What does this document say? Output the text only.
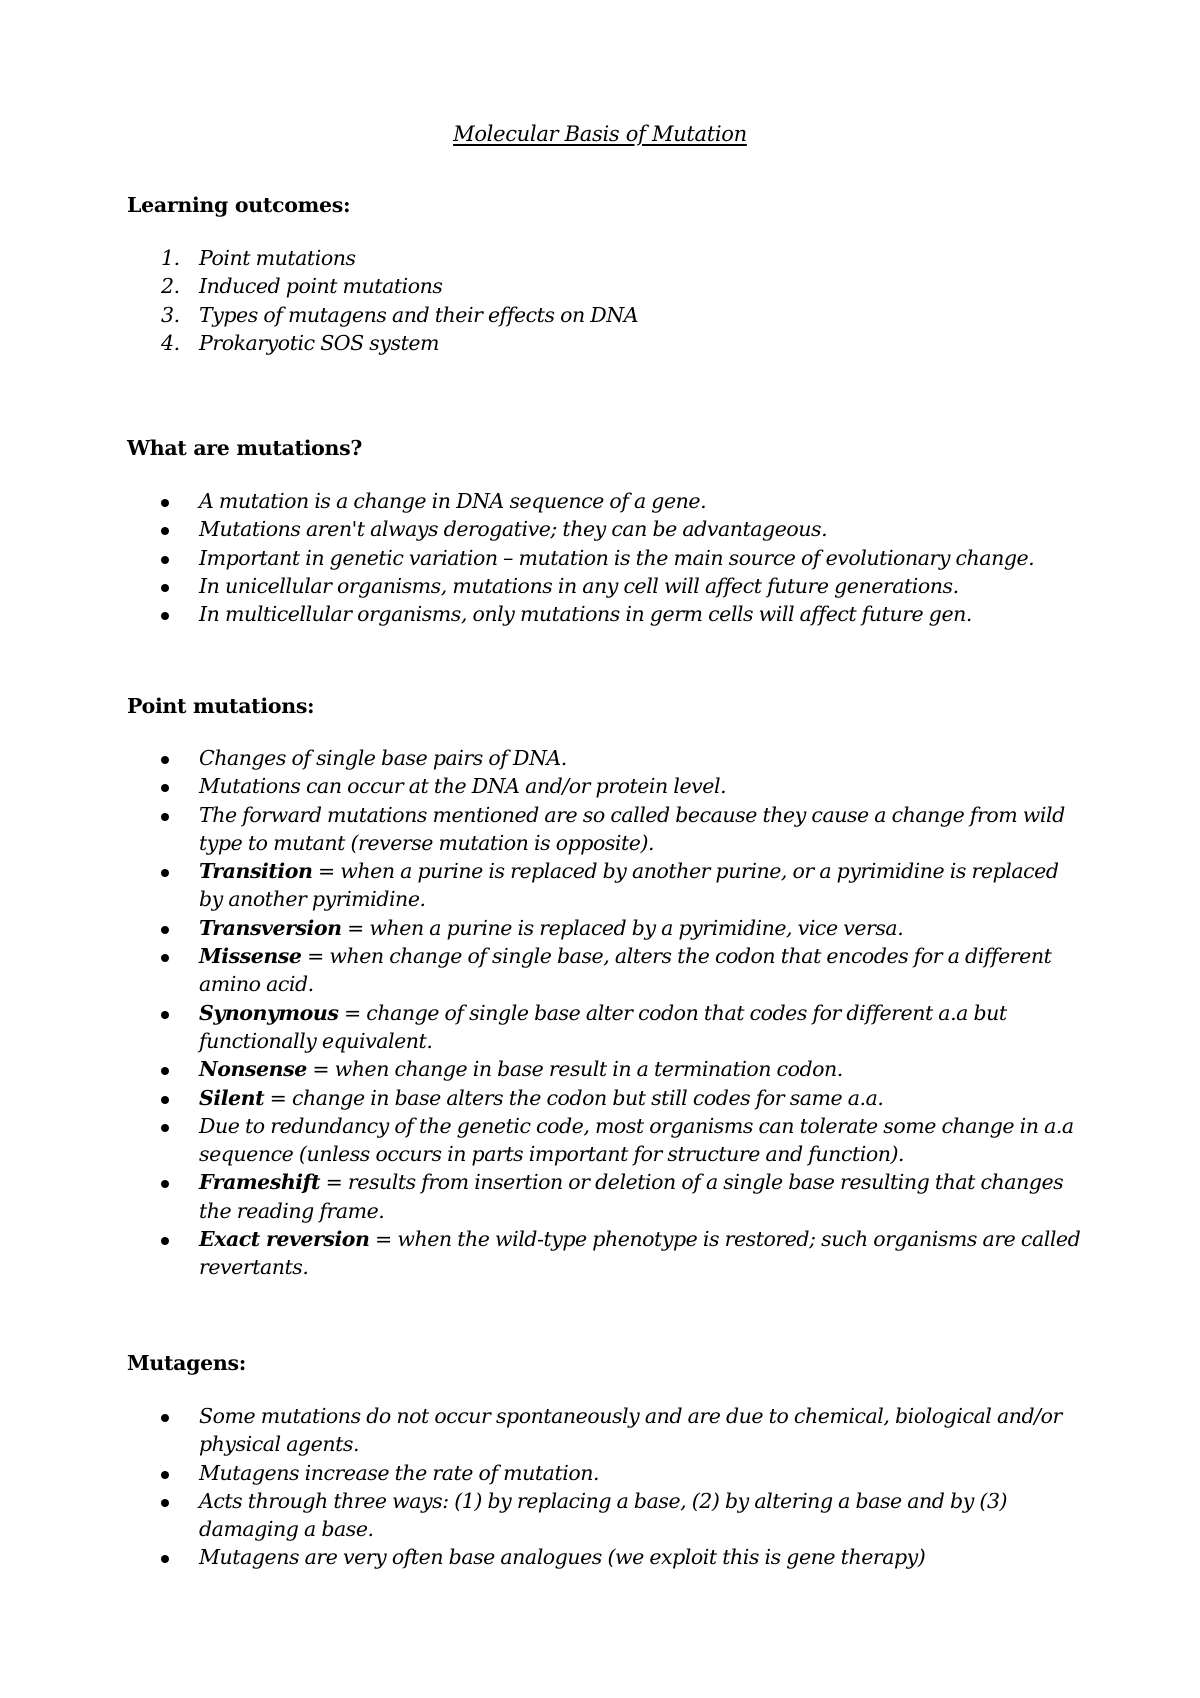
Molecular Basis of Mutation
Learning outcomes:
1. Point mutations
2. Induced point mutations
3. Types of mutagens and their effects on DNA
4. Prokaryotic SOS system
What are mutations?
A mutation is a change in DNA sequence of a gene.
Mutations aren't always derogative; they can be advantageous.
Important in genetic variation – mutation is the main source of evolutionary change.
In unicellular organisms, mutations in any cell will affect future generations.
In multicellular organisms, only mutations in germ cells will affect future gen.
Point mutations:
Changes of single base pairs of DNA.
Mutations can occur at the DNA and/or protein level.
The forward mutations mentioned are so called because they cause a change from wild type to mutant (reverse mutation is opposite).
Transition = when a purine is replaced by another purine, or a pyrimidine is replaced by another pyrimidine.
Transversion = when a purine is replaced by a pyrimidine, vice versa.
Missense = when change of single base, alters the codon that encodes for a different amino acid.
Synonymous = change of single base alter codon that codes for different a.a but functionally equivalent.
Nonsense = when change in base result in a termination codon.
Silent = change in base alters the codon but still codes for same a.a.
Due to redundancy of the genetic code, most organisms can tolerate some change in a.a sequence (unless occurs in parts important for structure and function).
Frameshift = results from insertion or deletion of a single base resulting that changes the reading frame.
Exact reversion = when the wild-type phenotype is restored; such organisms are called revertants.
Mutagens:
Some mutations do not occur spontaneously and are due to chemical, biological and/or physical agents.
Mutagens increase the rate of mutation.
Acts through three ways: (1) by replacing a base, (2) by altering a base and by (3) damaging a base.
Mutagens are very often base analogues (we exploit this is gene therapy)
